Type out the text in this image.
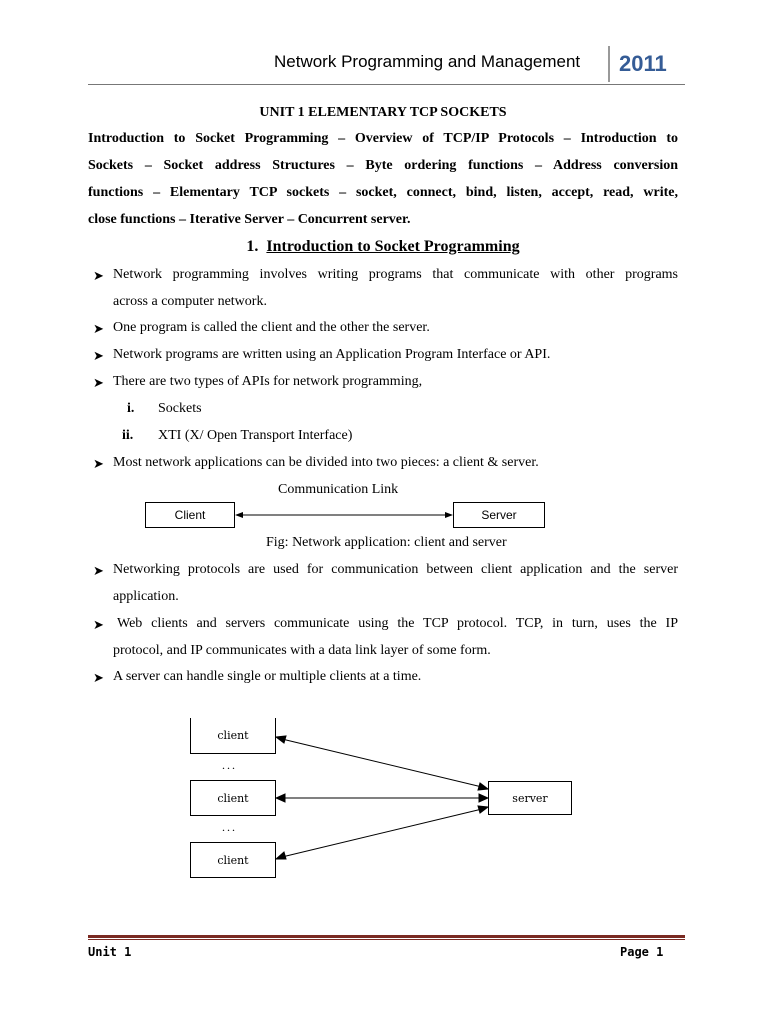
Network Programming and Management 2011
UNIT 1 ELEMENTARY TCP SOCKETS
Introduction to Socket Programming – Overview of TCP/IP Protocols – Introduction to
Sockets – Socket address Structures – Byte ordering functions – Address conversion
functions – Elementary TCP sockets – socket, connect, bind, listen, accept, read, write,
close functions – Iterative Server – Concurrent server.
1. Introduction to Socket Programming
➤ Network programming involves writing programs that communicate with other programs
across a computer network.
➤ One program is called the client and the other the server.
➤ Network programs are written using an Application Program Interface or API.
➤ There are two types of APIs for network programming,
i. Sockets
ii. XTI (X/ Open Transport Interface)
➤ Most network applications can be divided into two pieces: a client & server.
Communication Link
Client	Server
Fig: Network application: client and server
➤ Networking protocols are used for communication between client application and the server
application.
➤ Web clients and servers communicate using the TCP protocol. TCP, in turn, uses the IP
protocol, and IP communicates with a data link layer of some form.
➤ A server can handle single or multiple clients at a time.
client
...
client
...
client
server
Unit 1	Page 1
